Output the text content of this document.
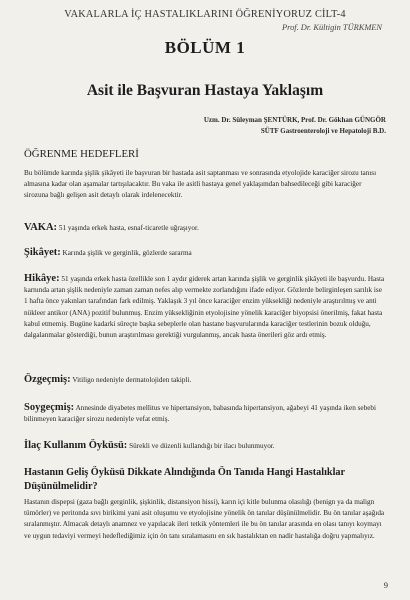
VAKALARLA İÇ HASTALIKLARINI ÖĞRENİYORUZ CİLT-4
Prof. Dr. Kültigin TÜRKMEN
BÖLÜM 1
Asit ile Başvuran Hastaya Yaklaşım
Uzm. Dr. Süleyman ŞENTÜRK, Prof. Dr. Gökhan GÜNGÖR
SÜTF Gastroenteroloji ve Hepatoloji B.D.
ÖĞRENME HEDEFLERİ
Bu bölümde karında şişlik şikâyeti ile başvuran bir hastada asit saptanması ve sonrasında etyolojide karaciğer sirozu tanısı almasına kadar olan aşamalar tartışılacaktır. Bu vaka ile asitli hastaya genel yaklaşımdan bahsedileceği gibi karaciğer sirozuna bağlı gelişen asit detaylı olarak irdelenecektir.
VAKA: 51 yaşında erkek hasta, esnaf-ticaretle uğraşıyor.
Şikâyet: Karında şişlik ve gerginlik, gözlerde sararma
Hikâye: 51 yaşında erkek hasta özellikle son 1 aydır giderek artan karında şişlik ve gerginlik şikâyeti ile başvurdu. Hasta karnında artan şişlik nedeniyle zaman zaman nefes alıp vermekte zorlandığını ifade ediyor. Gözlerde belirginleşen sarılık ise 1 hafta önce yakınları tarafından fark edilmiş. Yaklaşık 3 yıl önce karaciğer enzim yüksekliği nedeniyle araştırılmış ve anti nükleer antikor (ANA) pozitif bulunmuş. Enzim yüksekliğinin etyolojisine yönelik karaciğer biyopsisi önerilmiş, fakat hasta kabul etmemiş. Bugüne kadarki süreçte başka sebeplerle olan hastane başvurularında karaciğer testlerinin bozuk olduğu, dalgalanmalar gösterdiği, bunun araştırılması gerektiği vurgulanmış, ancak hasta önerileri göz ardı etmiş.
Özgeçmiş: Vitiligo nedeniyle dermatolojiden takipli.
Soygeçmiş: Annesinde diyabetes mellitus ve hipertansiyon, babasında hipertansiyon, ağabeyi 41 yaşında iken sebebi bilinmeyen karaciğer sirozu nedeniyle vefat etmiş.
İlaç Kullanım Öyküsü: Sürekli ve düzenli kullandığı bir ilacı bulunmuyor.
Hastanın Geliş Öyküsü Dikkate Alındığında Ön Tanıda Hangi Hastalıklar Düşünülmelidir?
Hastanın dispepsi (gaza bağlı gerginlik, şişkinlik, distansiyon hissi), karın içi kitle bulunma olasılığı (benign ya da malign tümörler) ve peritonda sıvı birikimi yani asit oluşumu ve etyolojisine yönelik ön tanılar düşünülmelidir. Bu ön tanılar aşağıda sıralanmıştır. Almacak detaylı anamnez ve yapılacak ileri tetkik yöntemleri ile bu ön tanılar arasında en olası tanıyı koymayı ve uygun tedaviyi vermeyi hedeflediğimiz için ön tanı sıralamasını en sık hastalıktan en nadir hastalığa doğru yapmalıyız.
9
